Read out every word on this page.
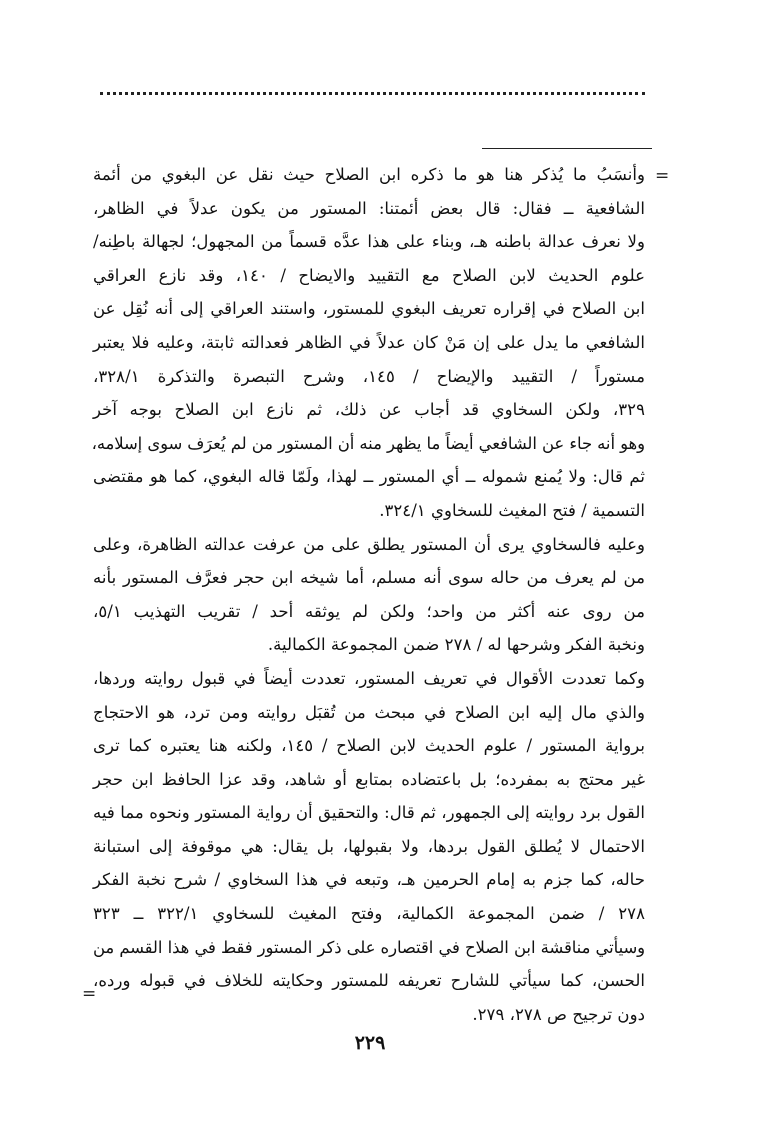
=
وأنسَبُ ما يُذكر هنا هو ما ذكره ابن الصلاح حيث نقل عن البغوي من أئمة
الشافعية ــ فقال: قال بعض أئمتنا: المستور من يكون عدلاً في الظاهر،
ولا نعرف عدالة باطنه هـ، وبناء على هذا عدَّه قسماً من المجهول؛ لجهالة باطِنه/
علوم الحديث لابن الصلاح مع التقييد والايضاح / ١٤٠، وقد نازع العراقي
ابن الصلاح في إقراره تعريف البغوي للمستور، واستند العراقي إلى أنه نُقِل عن
الشافعي ما يدل على إن مَنْ كان عدلاً في الظاهر فعدالته ثابتة، وعليه فلا يعتبر
مستوراً / التقييد والإيضاح / ١٤٥، وشرح التبصرة والتذكرة ٣٢٨/١،
٣٢٩، ولكن السخاوي قد أجاب عن ذلك، ثم نازع ابن الصلاح بوجه آخر
وهو أنه جاء عن الشافعي أيضاً ما يظهر منه أن المستور من لم يُعرَف سوى إسلامه،
ثم قال: ولا يُمنع شموله ــ أي المستور ــ لهذا، ولَمّا قاله البغوي، كما هو مقتضى
التسمية / فتح المغيث للسخاوي ٣٢٤/١.
وعليه فالسخاوي يرى أن المستور يطلق على من عرفت عدالته الظاهرة، وعلى
من لم يعرف من حاله سوى أنه مسلم، أما شيخه ابن حجر فعرَّف المستور بأنه
من روى عنه أكثر من واحد؛ ولكن لم يوثقه أحد / تقريب التهذيب ٥/١،
ونخبة الفكر وشرحها له / ٢٧٨ ضمن المجموعة الكمالية.
وكما تعددت الأقوال في تعريف المستور، تعددت أيضاً في قبول روايته وردها،
والذي مال إليه ابن الصلاح في مبحث من تُقبَل روايته ومن ترد، هو الاحتجاج
برواية المستور / علوم الحديث لابن الصلاح / ١٤٥، ولكنه هنا يعتبره كما ترى
غير محتج به بمفرده؛ بل باعتضاده بمتابع أو شاهد، وقد عزا الحافظ ابن حجر
القول برد روايته إلى الجمهور، ثم قال: والتحقيق أن رواية المستور ونحوه مما فيه
الاحتمال لا يُطلق القول بردها، ولا بقبولها، بل يقال: هي موقوفة إلى استبانة
حاله، كما جزم به إمام الحرمين هـ، وتبعه في هذا السخاوي / شرح نخبة الفكر
٢٧٨ / ضمن المجموعة الكمالية، وفتح المغيث للسخاوي ٣٢٢/١ ــ ٣٢٣
وسيأتي مناقشة ابن الصلاح في اقتصاره على ذكر المستور فقط في هذا القسم من
الحسن، كما سيأتي للشارح تعريفه للمستور وحكايته للخلاف في قبوله ورده،
دون ترجيح ص ٢٧٨، ٢٧٩.
=
٢٢٩
